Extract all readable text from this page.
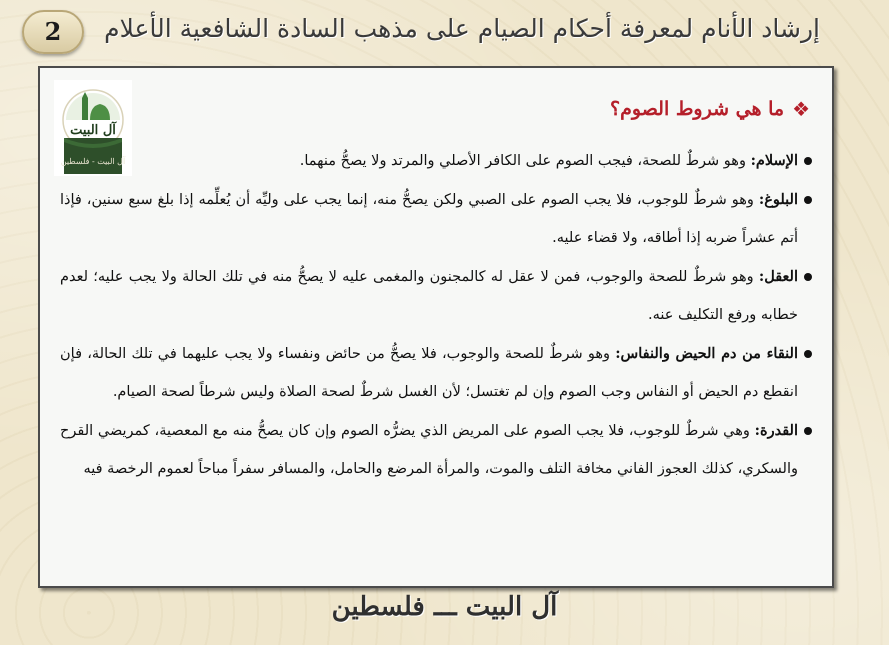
إرشاد الأنام لمعرفة أحكام الصيام على مذهب السادة الشافعية الأعلام
2
آل البيت
آل البيت - فلسطين
❖
ما هي شروط الصوم؟

الإسلام: وهو شرطٌ للصحة، فيجب الصوم على الكافر الأصلي والمرتد ولا يصحُّ منهما.

البلوغ: وهو شرطٌ للوجوب، فلا يجب الصوم على الصبي ولكن يصحُّ منه، إنما يجب على وليِّه أن يُعلِّمه إذا بلغ سبع سنين، فإذا أتم عشراً ضربه إذا أطاقه، ولا قضاء عليه.

العقل: وهو شرطٌ للصحة والوجوب، فمن لا عقل له كالمجنون والمغمى عليه لا يصحُّ منه في تلك الحالة ولا يجب عليه؛ لعدم خطابه ورفع التكليف عنه.

النقاء من دم الحيض والنفاس: وهو شرطٌ للصحة والوجوب، فلا يصحُّ من حائض ونفساء ولا يجب عليهما في تلك الحالة، فإن انقطع دم الحيض أو النفاس وجب الصوم وإن لم تغتسل؛ لأن الغسل شرطٌ لصحة الصلاة وليس شرطاً لصحة الصيام.

القدرة: وهي شرطٌ للوجوب، فلا يجب الصوم على المريض الذي يضرُّه الصوم وإن كان يصحُّ منه مع المعصية، كمريضي القرح والسكري، كذلك العجوز الفاني مخافة التلف والموت، والمرأة المرضع والحامل، والمسافر سفراً مباحاً لعموم الرخصة فيه

آل البيت ـــ فلسطين
